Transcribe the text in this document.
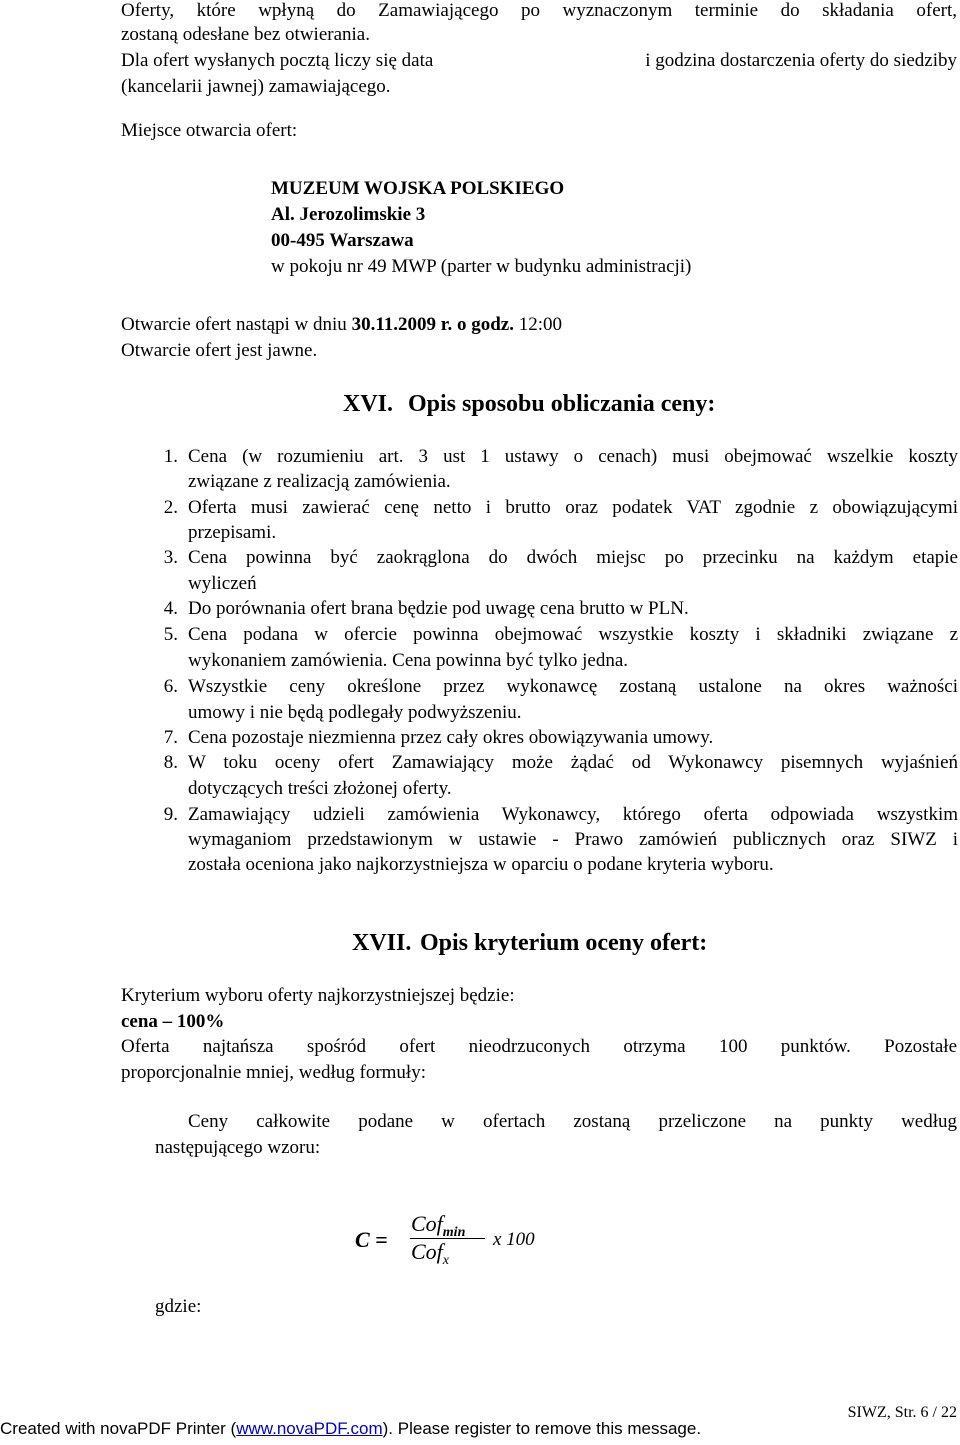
Oferty, które wpłyną do Zamawiającego po wyznaczonym terminie do składania ofert,
zostaną odesłane bez otwierania.
Dla ofert wysłanych pocztą liczy się data	i godzina dostarczenia oferty do siedziby
(kancelarii jawnej) zamawiającego.
Miejsce otwarcia ofert:
MUZEUM WOJSKA POLSKIEGO
Al. Jerozolimskie 3
00-495 Warszawa
w pokoju nr 49 MWP (parter w budynku administracji)
Otwarcie ofert nastąpi w dniu 30.11.2009 r. o godz. 12:00
Otwarcie ofert jest jawne.
XVI. Opis sposobu obliczania ceny:
1. Cena (w rozumieniu art. 3 ust 1 ustawy o cenach) musi obejmować wszelkie koszty
związane z realizacją zamówienia.
2. Oferta musi zawierać cenę netto i brutto oraz podatek VAT zgodnie z obowiązującymi
przepisami.
3. Cena powinna być zaokrąglona do dwóch miejsc po przecinku na każdym etapie
wyliczeń
4. Do porównania ofert brana będzie pod uwagę cena brutto w PLN.
5. Cena podana w ofercie powinna obejmować wszystkie koszty i składniki związane z
wykonaniem zamówienia. Cena powinna być tylko jedna.
6. Wszystkie ceny określone przez wykonawcę zostaną ustalone na okres ważności
umowy i nie będą podlegały podwyższeniu.
7. Cena pozostaje niezmienna przez cały okres obowiązywania umowy.
8. W toku oceny ofert Zamawiający może żądać od Wykonawcy pisemnych wyjaśnień
dotyczących treści złożonej oferty.
9. Zamawiający udzieli zamówienia Wykonawcy, którego oferta odpowiada wszystkim
wymaganiom przedstawionym w ustawie - Prawo zamówień publicznych oraz SIWZ i
została oceniona jako najkorzystniejsza w oparciu o podane kryteria wyboru.
XVII. Opis kryterium oceny ofert:
Kryterium wyboru oferty najkorzystniejszej będzie:
cena – 100%
Oferta najtańsza spośród ofert nieodrzuconych otrzyma 100 punktów. Pozostałe
proporcjonalnie mniej, według formuły:
Ceny całkowite podane w ofertach zostaną przeliczone na punkty według
następującego wzoru:
C =
Cof$_{min}$
Cof$_x$
x 100
gdzie:
SIWZ, Str. 6 / 22
Created with novaPDF Printer (www.novaPDF.com). Please register to remove this message.
